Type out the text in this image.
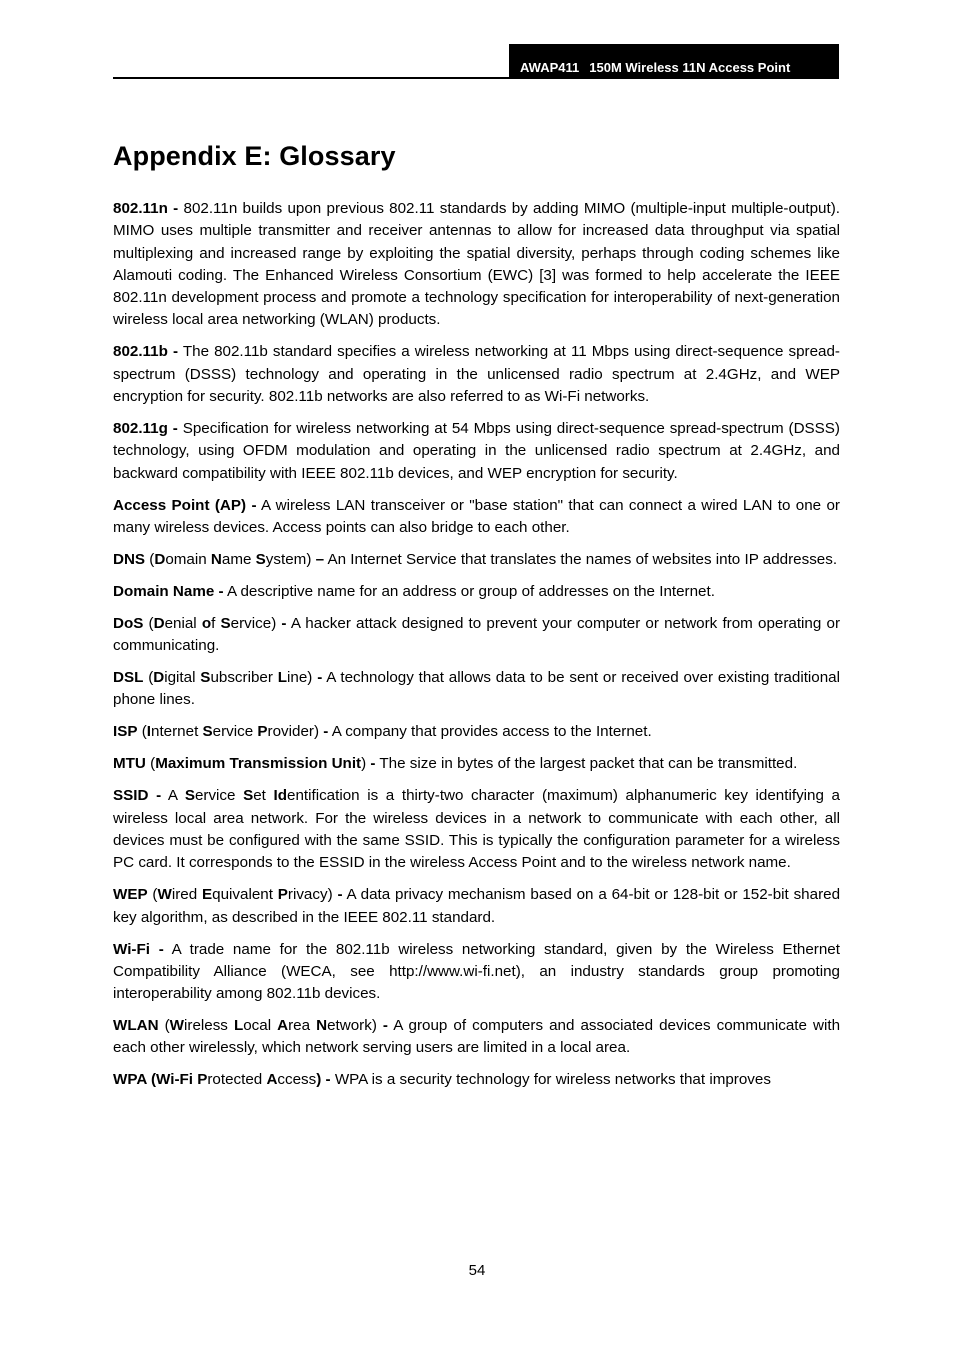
AWAP411 150M Wireless 11N Access Point
Appendix E: Glossary

802.11n - 802.11n builds upon previous 802.11 standards by adding MIMO (multiple-input multiple-output). MIMO uses multiple transmitter and receiver antennas to allow for increased data throughput via spatial multiplexing and increased range by exploiting the spatial diversity, perhaps through coding schemes like Alamouti coding. The Enhanced Wireless Consortium (EWC) [3] was formed to help accelerate the IEEE 802.11n development process and promote a technology specification for interoperability of next-generation wireless local area networking (WLAN) products.

802.11b - The 802.11b standard specifies a wireless networking at 11 Mbps using direct-sequence spread-spectrum (DSSS) technology and operating in the unlicensed radio spectrum at 2.4GHz, and WEP encryption for security. 802.11b networks are also referred to as Wi-Fi networks.

802.11g - Specification for wireless networking at 54 Mbps using direct-sequence spread-spectrum (DSSS) technology, using OFDM modulation and operating in the unlicensed radio spectrum at 2.4GHz, and backward compatibility with IEEE 802.11b devices, and WEP encryption for security.

Access Point (AP) - A wireless LAN transceiver or "base station" that can connect a wired LAN to one or many wireless devices. Access points can also bridge to each other.

DNS (Domain Name System) – An Internet Service that translates the names of websites into IP addresses.

Domain Name - A descriptive name for an address or group of addresses on the Internet.

DoS (Denial of Service) - A hacker attack designed to prevent your computer or network from operating or communicating.

DSL (Digital Subscriber Line) - A technology that allows data to be sent or received over existing traditional phone lines.

ISP (Internet Service Provider) - A company that provides access to the Internet.

MTU (Maximum Transmission Unit) - The size in bytes of the largest packet that can be transmitted.

SSID - A Service Set Identification is a thirty-two character (maximum) alphanumeric key identifying a wireless local area network. For the wireless devices in a network to communicate with each other, all devices must be configured with the same SSID. This is typically the configuration parameter for a wireless PC card. It corresponds to the ESSID in the wireless Access Point and to the wireless network name.

WEP (Wired Equivalent Privacy) - A data privacy mechanism based on a 64-bit or 128-bit or 152-bit shared key algorithm, as described in the IEEE 802.11 standard.

Wi-Fi - A trade name for the 802.11b wireless networking standard, given by the Wireless Ethernet Compatibility Alliance (WECA, see http://www.wi-fi.net), an industry standards group promoting interoperability among 802.11b devices.

WLAN (Wireless Local Area Network) - A group of computers and associated devices communicate with each other wirelessly, which network serving users are limited in a local area.

WPA (Wi-Fi Protected Access) - WPA is a security technology for wireless networks that improves

54
